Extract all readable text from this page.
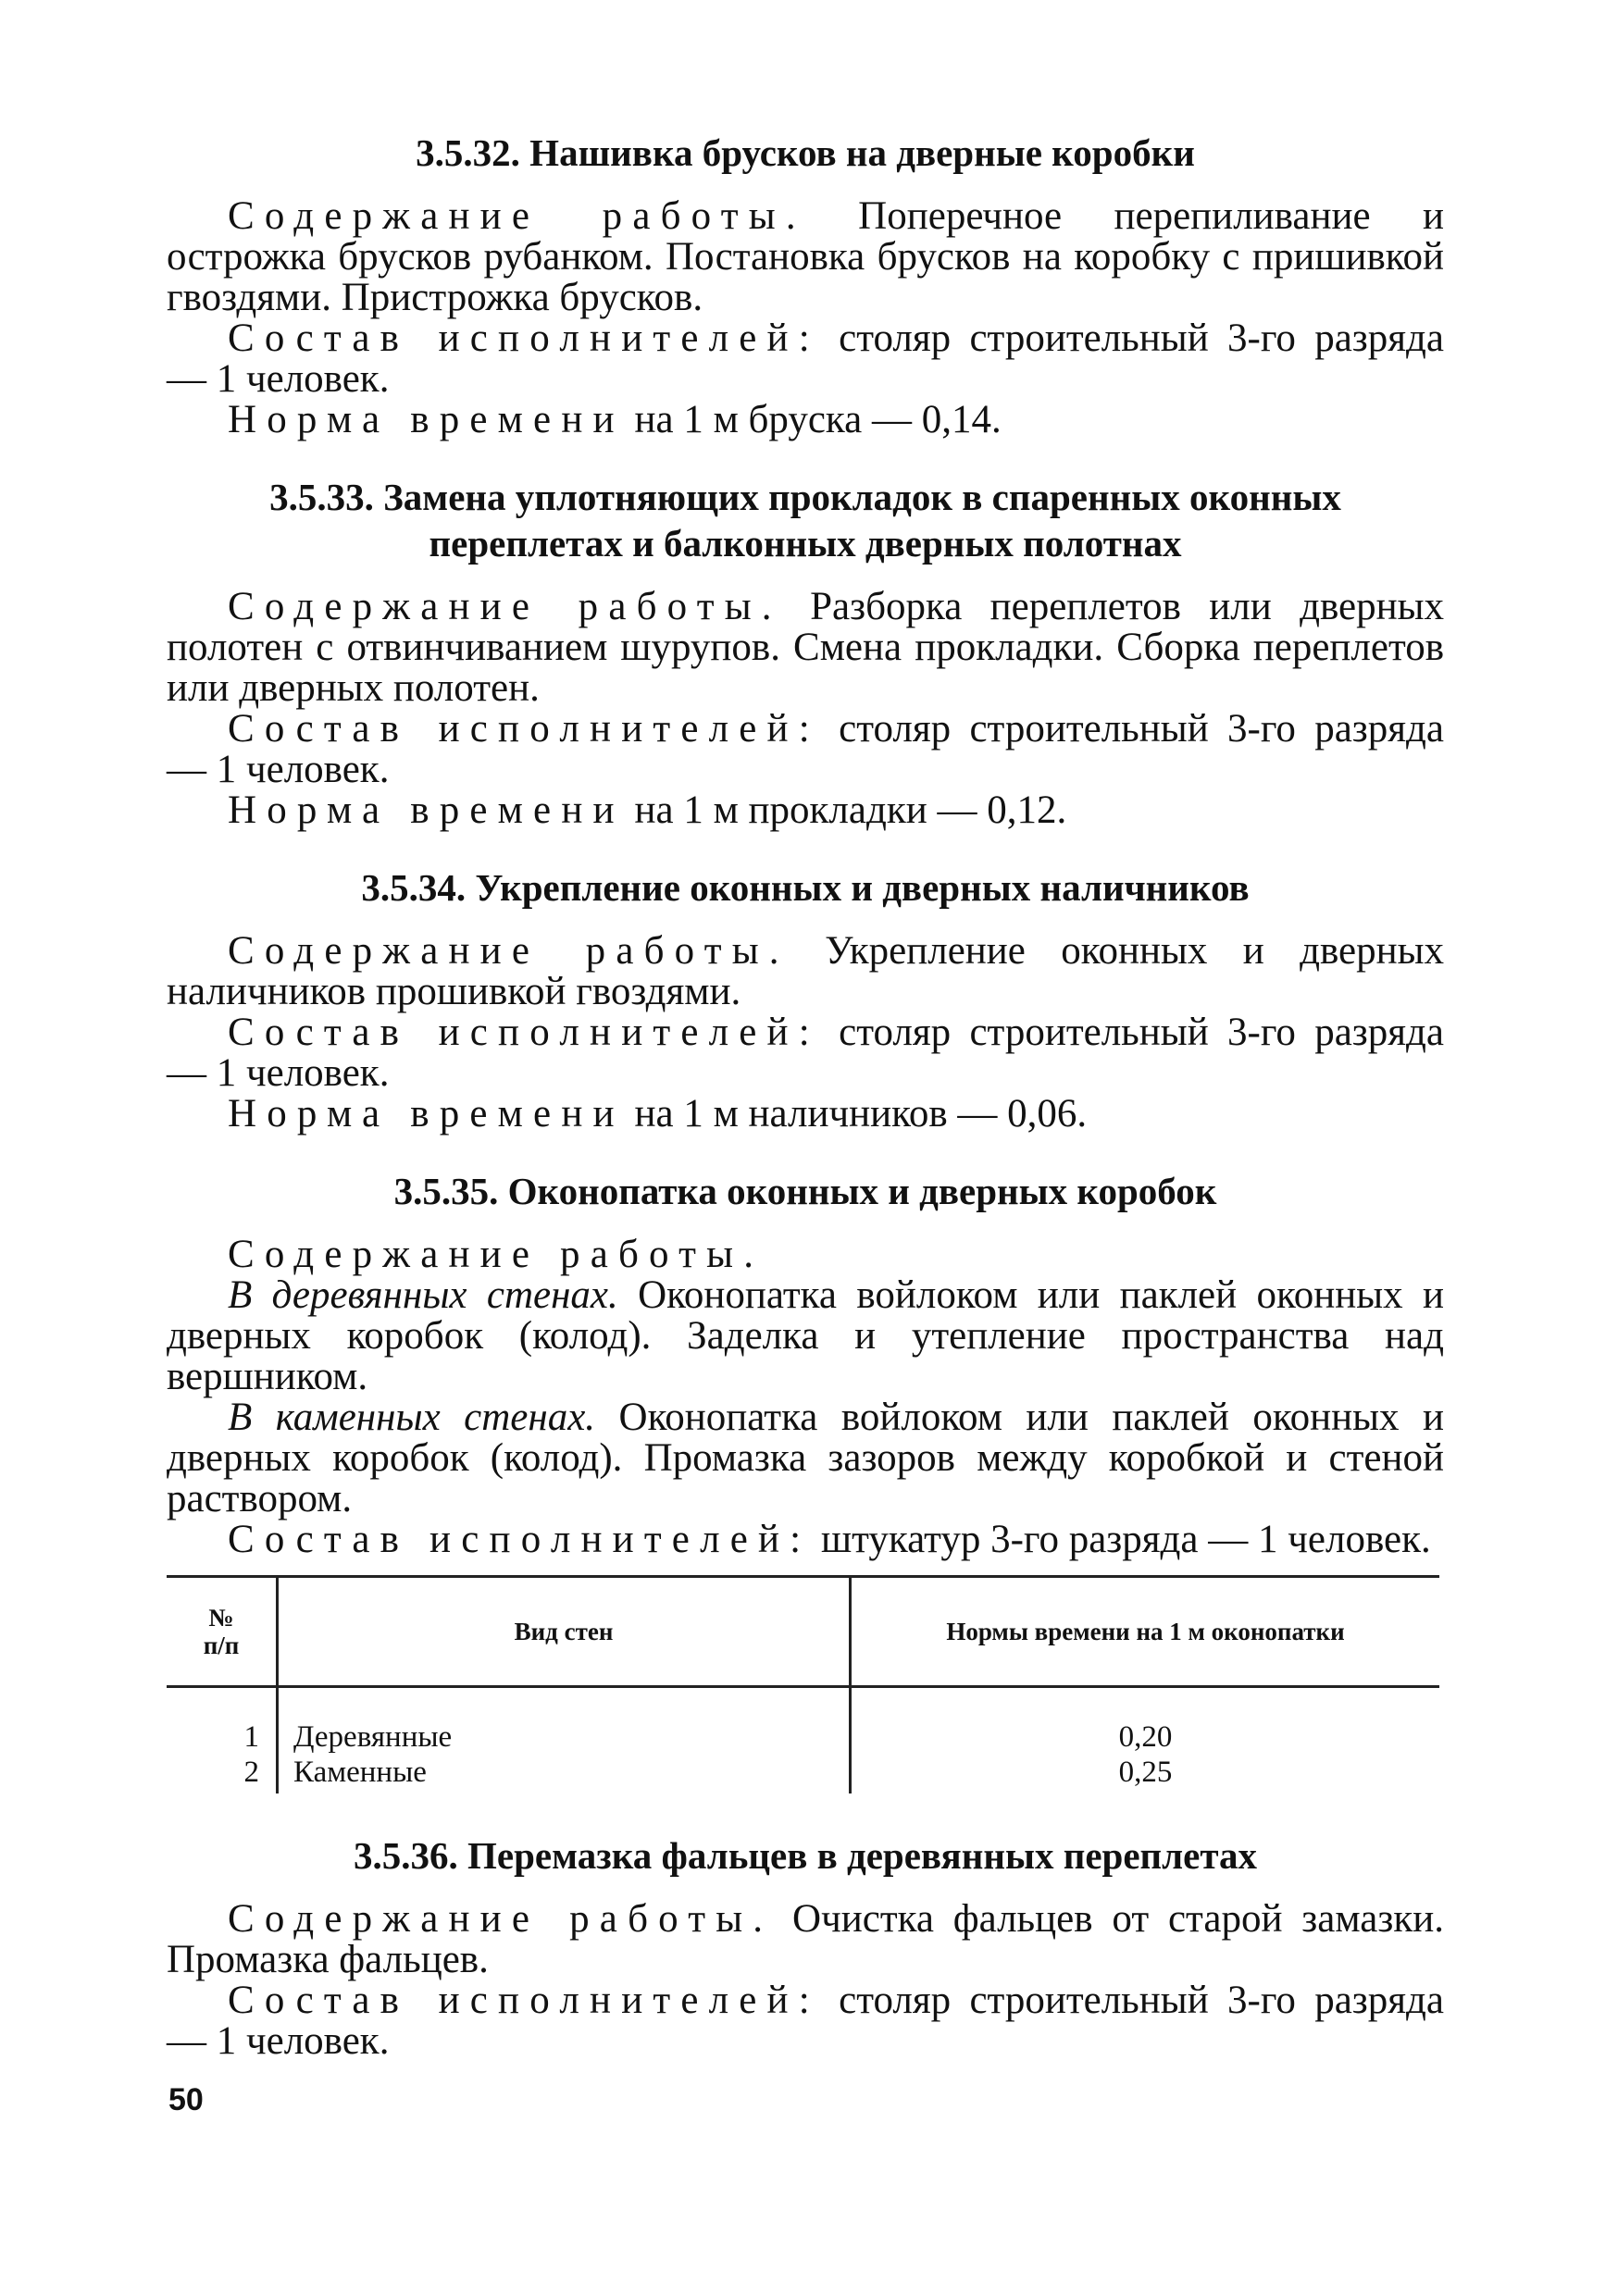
3.5.32. Нашивка брусков на дверные коробки

Содержание работы. Поперечное перепиливание и острожка брусков рубанком. Постановка брусков на коробку с пришивкой гвоздями. Пристрожка брусков.

Состав исполнителей: столяр строительный 3-го разряда — 1 человек.

Норма времени на 1 м бруска — 0,14.

3.5.33. Замена уплотняющих прокладок в спаренных оконных
переплетах и балконных дверных полотнах

Содержание работы. Разборка переплетов или дверных полотен с отвинчиванием шурупов. Смена прокладки. Сборка переплетов или дверных полотен.

Состав исполнителей: столяр строительный 3-го разряда — 1 человек.

Норма времени на 1 м прокладки — 0,12.

3.5.34. Укрепление оконных и дверных наличников

Содержание работы. Укрепление оконных и дверных наличников прошивкой гвоздями.

Состав исполнителей: столяр строительный 3-го разряда — 1 человек.

Норма времени на 1 м наличников — 0,06.

3.5.35. Оконопатка оконных и дверных коробок

Содержание работы.

В деревянных стенах. Оконопатка войлоком или паклей оконных и дверных коробок (колод). Заделка и утепление пространства над вершником.

В каменных стенах. Оконопатка войлоком или паклей оконных и дверных коробок (колод). Промазка зазоров между коробкой и стеной раствором.

Состав исполнителей: штукатур 3-го разряда — 1 человек.

№
п/п	Вид стен	Нормы времени на 1 м оконопатки
1	Деревянные	0,20
2	Каменные	0,25
3.5.36. Перемазка фальцев в деревянных переплетах

Содержание работы. Очистка фальцев от старой замазки. Промазка фальцев.

Состав исполнителей: столяр строительный 3-го разряда — 1 человек.

50
